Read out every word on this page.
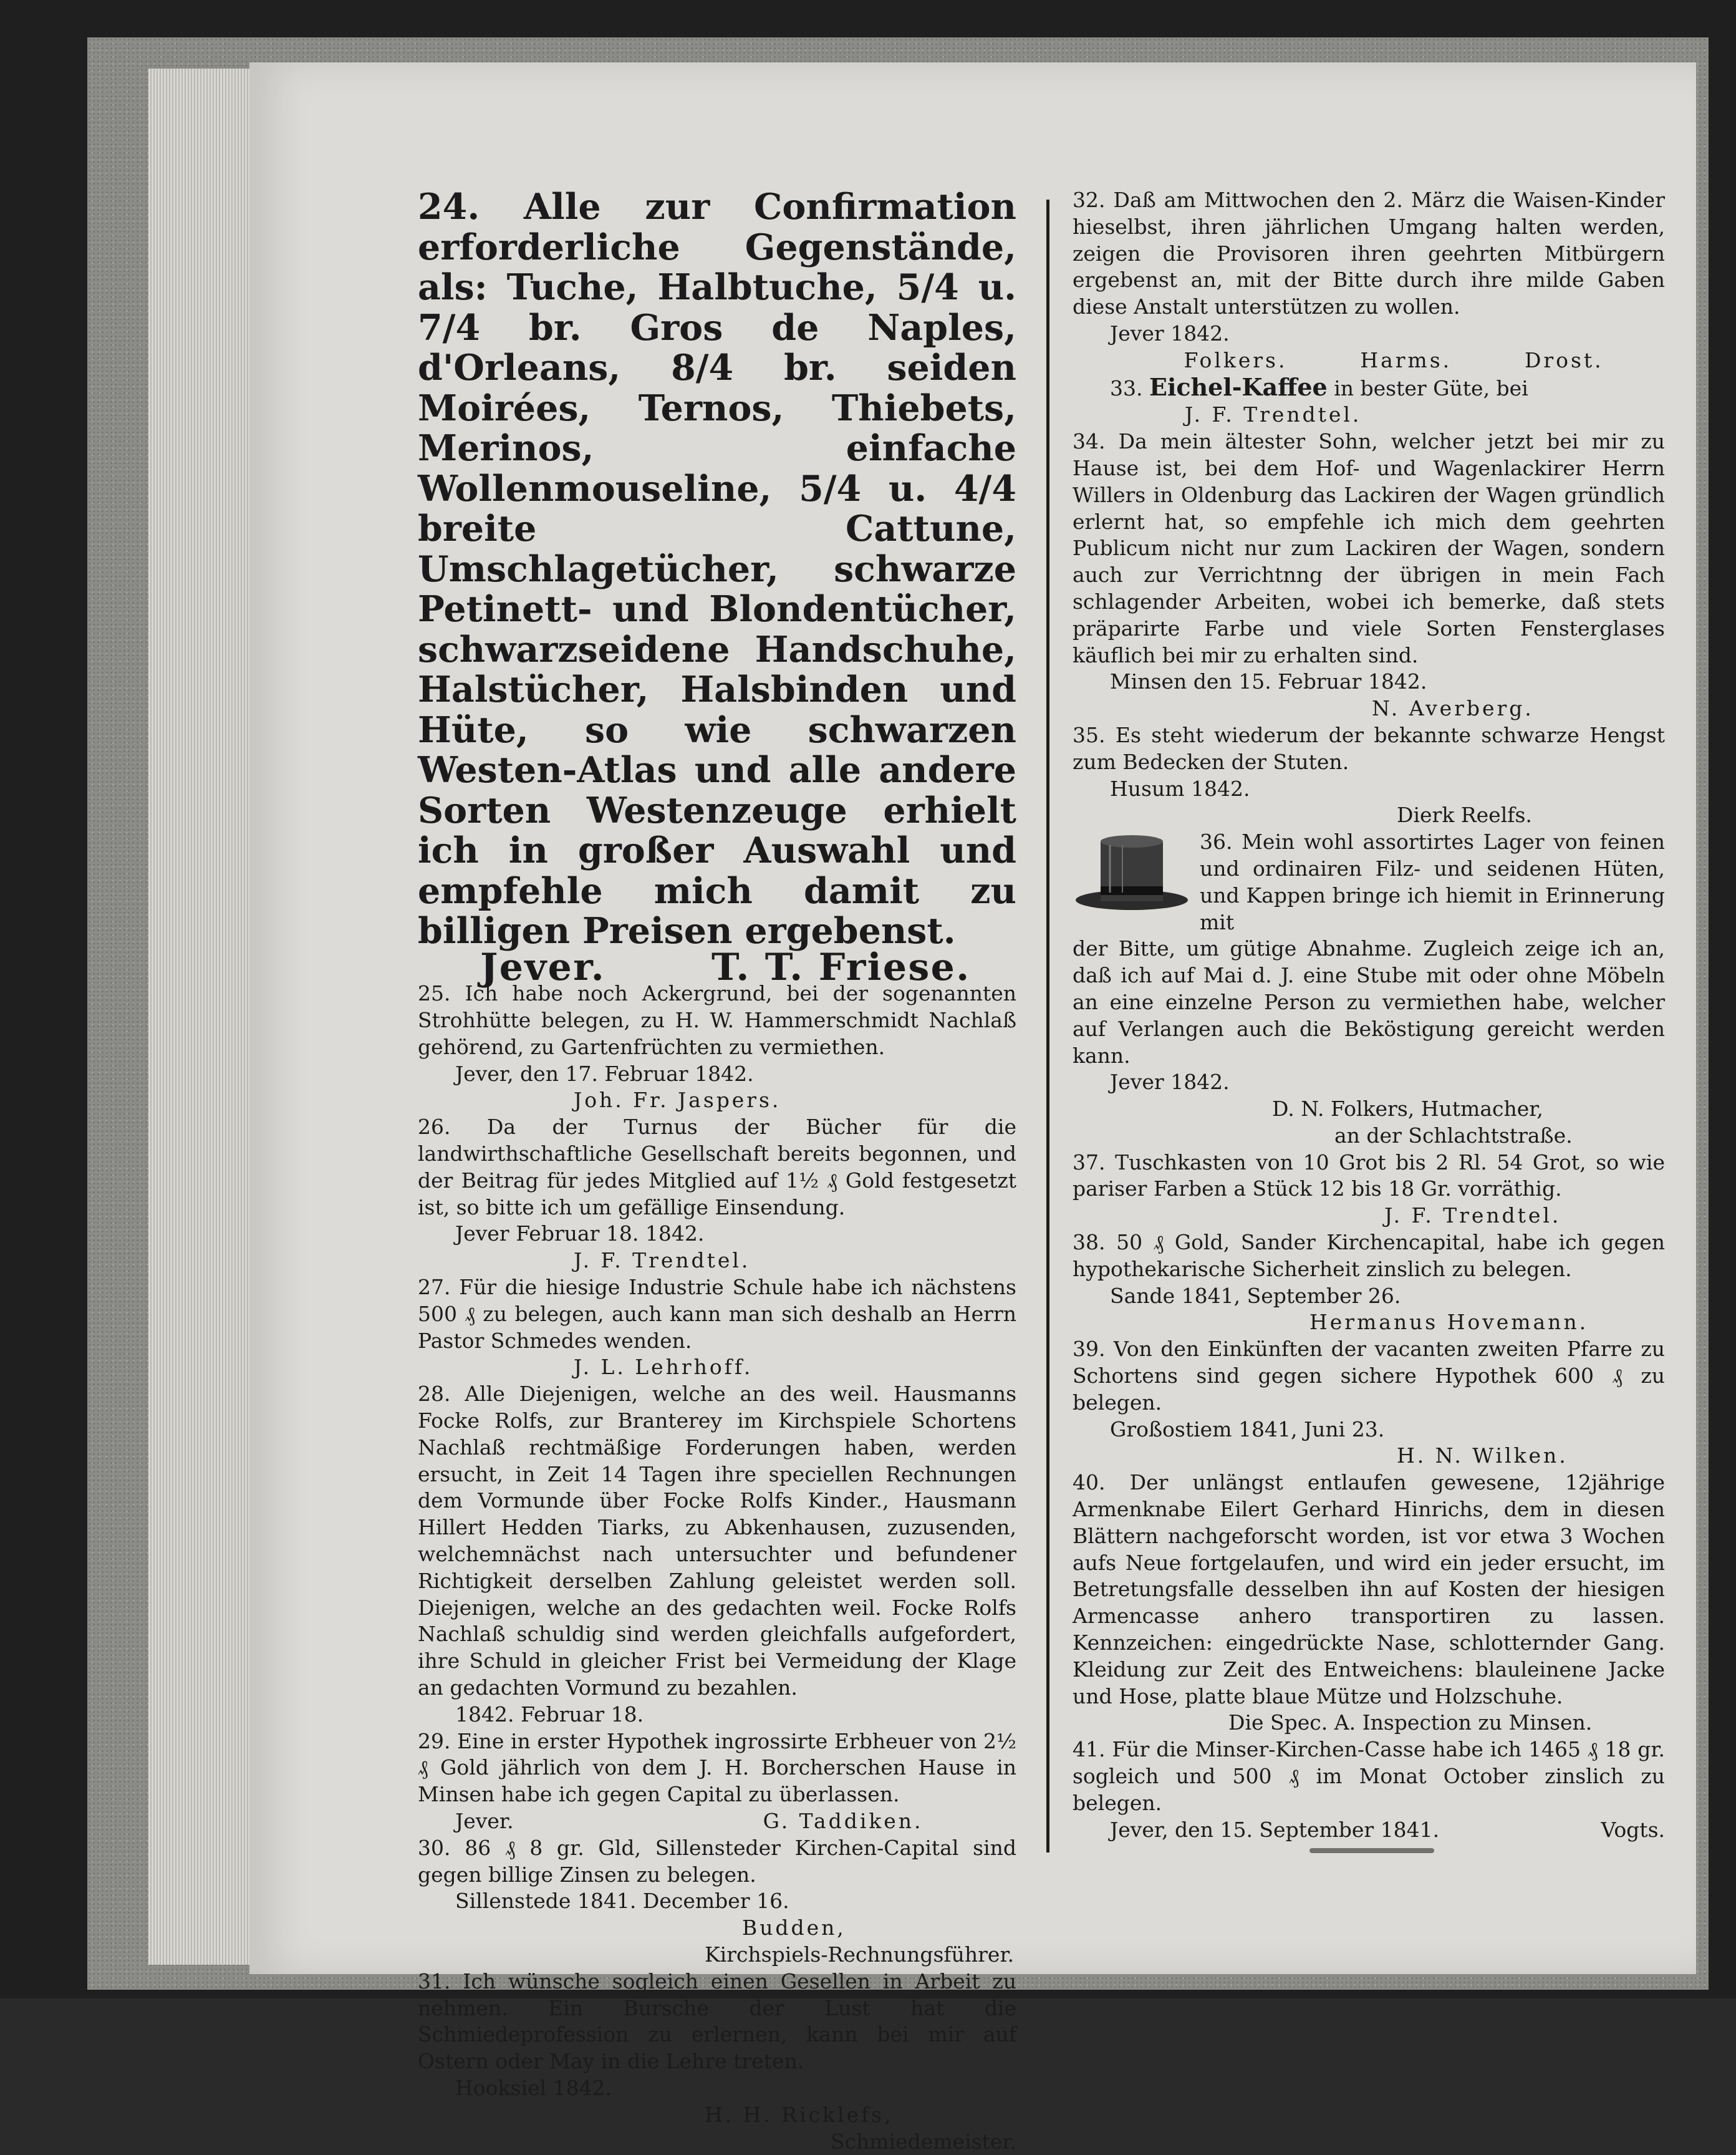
24. Alle zur Confirmation erforderliche Gegenstände, als: Tuche, Halbtuche, 5/4 u. 7/4 br. Gros de Naples, d'Orleans, 8/4 br. seiden Moirées, Ternos, Thiebets, Merinos, einfache Wollenmouseline, 5/4 u. 4/4 breite Cattune, Umschlagetücher, schwarze Petinett- und Blondentücher, schwarzseidene Handschuhe, Halstücher, Halsbinden und Hüte, so wie schwarzen Westen-Atlas und alle andere Sorten Westenzeuge erhielt ich in großer Auswahl und empfehle mich damit zu billigen Preisen ergebenst.

Jever.	T. T. Friese.

25. Ich habe noch Ackergrund, bei der sogenannten Strohhütte belegen, zu H. W. Hammerschmidt Nachlaß gehörend, zu Gartenfrüchten zu vermiethen.

Jever, den 17. Februar 1842.

Joh. Fr. Jaspers.

26. Da der Turnus der Bücher für die landwirthschaftliche Gesellschaft bereits begonnen, und der Beitrag für jedes Mitglied auf 1½ ₰ Gold festgesetzt ist, so bitte ich um gefällige Einsendung.

Jever Februar 18. 1842.

J. F. Trendtel.

27. Für die hiesige Industrie Schule habe ich nächstens 500 ₰ zu belegen, auch kann man sich deshalb an Herrn Pastor Schmedes wenden.

J. L. Lehrhoff.

28. Alle Diejenigen, welche an des weil. Hausmanns Focke Rolfs, zur Branterey im Kirchspiele Schortens Nachlaß rechtmäßige Forderungen haben, werden ersucht, in Zeit 14 Tagen ihre speciellen Rechnungen dem Vormunde über Focke Rolfs Kinder., Hausmann Hillert Hedden Tiarks, zu Abkenhausen, zuzusenden, welchemnächst nach untersuchter und befundener Richtigkeit derselben Zahlung geleistet werden soll. Diejenigen, welche an des gedachten weil. Focke Rolfs Nachlaß schuldig sind werden gleichfalls aufgefordert, ihre Schuld in gleicher Frist bei Vermeidung der Klage an gedachten Vormund zu bezahlen.

1842. Februar 18.

29. Eine in erster Hypothek ingrossirte Erbheuer von 2½ ₰ Gold jährlich von dem J. H. Borcherschen Hause in Minsen habe ich gegen Capital zu überlassen.

Jever.	G. Taddiken.

30. 86 ₰ 8 gr. Gld, Sillensteder Kirchen-Capital sind gegen billige Zinsen zu belegen.

Sillenstede 1841. December 16.

Budden,

Kirchspiels-Rechnungsführer.

31. Ich wünsche sogleich einen Gesellen in Arbeit zu nehmen. Ein Bursche der Lust hat die Schmiedeprofession zu erlernen, kann bei mir auf Ostern oder May in die Lehre treten.

Hooksiel 1842.

H. H. Ricklefs,

Schmiedemeister.

32. Daß am Mittwochen den 2. März die Waisen-Kinder hieselbst, ihren jährlichen Umgang halten werden, zeigen die Provisoren ihren geehrten Mitbürgern ergebenst an, mit der Bitte durch ihre milde Gaben diese Anstalt unterstützen zu wollen.

Jever 1842.

Folkers.	Harms.	Drost.

33. Eichel-Kaffee in bester Güte, bei

J. F. Trendtel.

34. Da mein ältester Sohn, welcher jetzt bei mir zu Hause ist, bei dem Hof- und Wagenlackirer Herrn Willers in Oldenburg das Lackiren der Wagen gründlich erlernt hat, so empfehle ich mich dem geehrten Publicum nicht nur zum Lackiren der Wagen, sondern auch zur Verrichtnng der übrigen in mein Fach schlagender Arbeiten, wobei ich bemerke, daß stets präparirte Farbe und viele Sorten Fensterglases käuflich bei mir zu erhalten sind.

Minsen den 15. Februar 1842.

N. Averberg.

35. Es steht wiederum der bekannte schwarze Hengst zum Bedecken der Stuten.

Husum 1842.

Dierk Reelfs.

36. Mein wohl assortirtes Lager von feinen und ordinairen Filz- und seidenen Hüten, und Kappen bringe ich hiemit in Erinnerung mit

der Bitte, um gütige Abnahme. Zugleich zeige ich an, daß ich auf Mai d. J. eine Stube mit oder ohne Möbeln an eine einzelne Person zu vermiethen habe, welcher auf Verlangen auch die Beköstigung gereicht werden kann.

Jever 1842.

D. N. Folkers, Hutmacher,

an der Schlachtstraße.

37. Tuschkasten von 10 Grot bis 2 Rl. 54 Grot, so wie pariser Farben a Stück 12 bis 18 Gr. vorräthig.

J. F. Trendtel.

38. 50 ₰ Gold, Sander Kirchencapital, habe ich gegen hypothekarische Sicherheit zinslich zu belegen.

Sande 1841, September 26.

Hermanus Hovemann.

39. Von den Einkünften der vacanten zweiten Pfarre zu Schortens sind gegen sichere Hypothek 600 ₰ zu belegen.

Großostiem 1841, Juni 23.

H. N. Wilken.

40. Der unlängst entlaufen gewesene, 12jährige Armenknabe Eilert Gerhard Hinrichs, dem in diesen Blättern nachgeforscht worden, ist vor etwa 3 Wochen aufs Neue fortgelaufen, und wird ein jeder ersucht, im Betretungsfalle desselben ihn auf Kosten der hiesigen Armencasse anhero transportiren zu lassen. Kennzeichen: eingedrückte Nase, schlotternder Gang. Kleidung zur Zeit des Entweichens: blauleinene Jacke und Hose, platte blaue Mütze und Holzschuhe.

Die Spec. A. Inspection zu Minsen.

41. Für die Minser-Kirchen-Casse habe ich 1465 ₰ 18 gr. sogleich und 500 ₰ im Monat October zinslich zu belegen.

Jever, den 15. September 1841.	Vogts.
